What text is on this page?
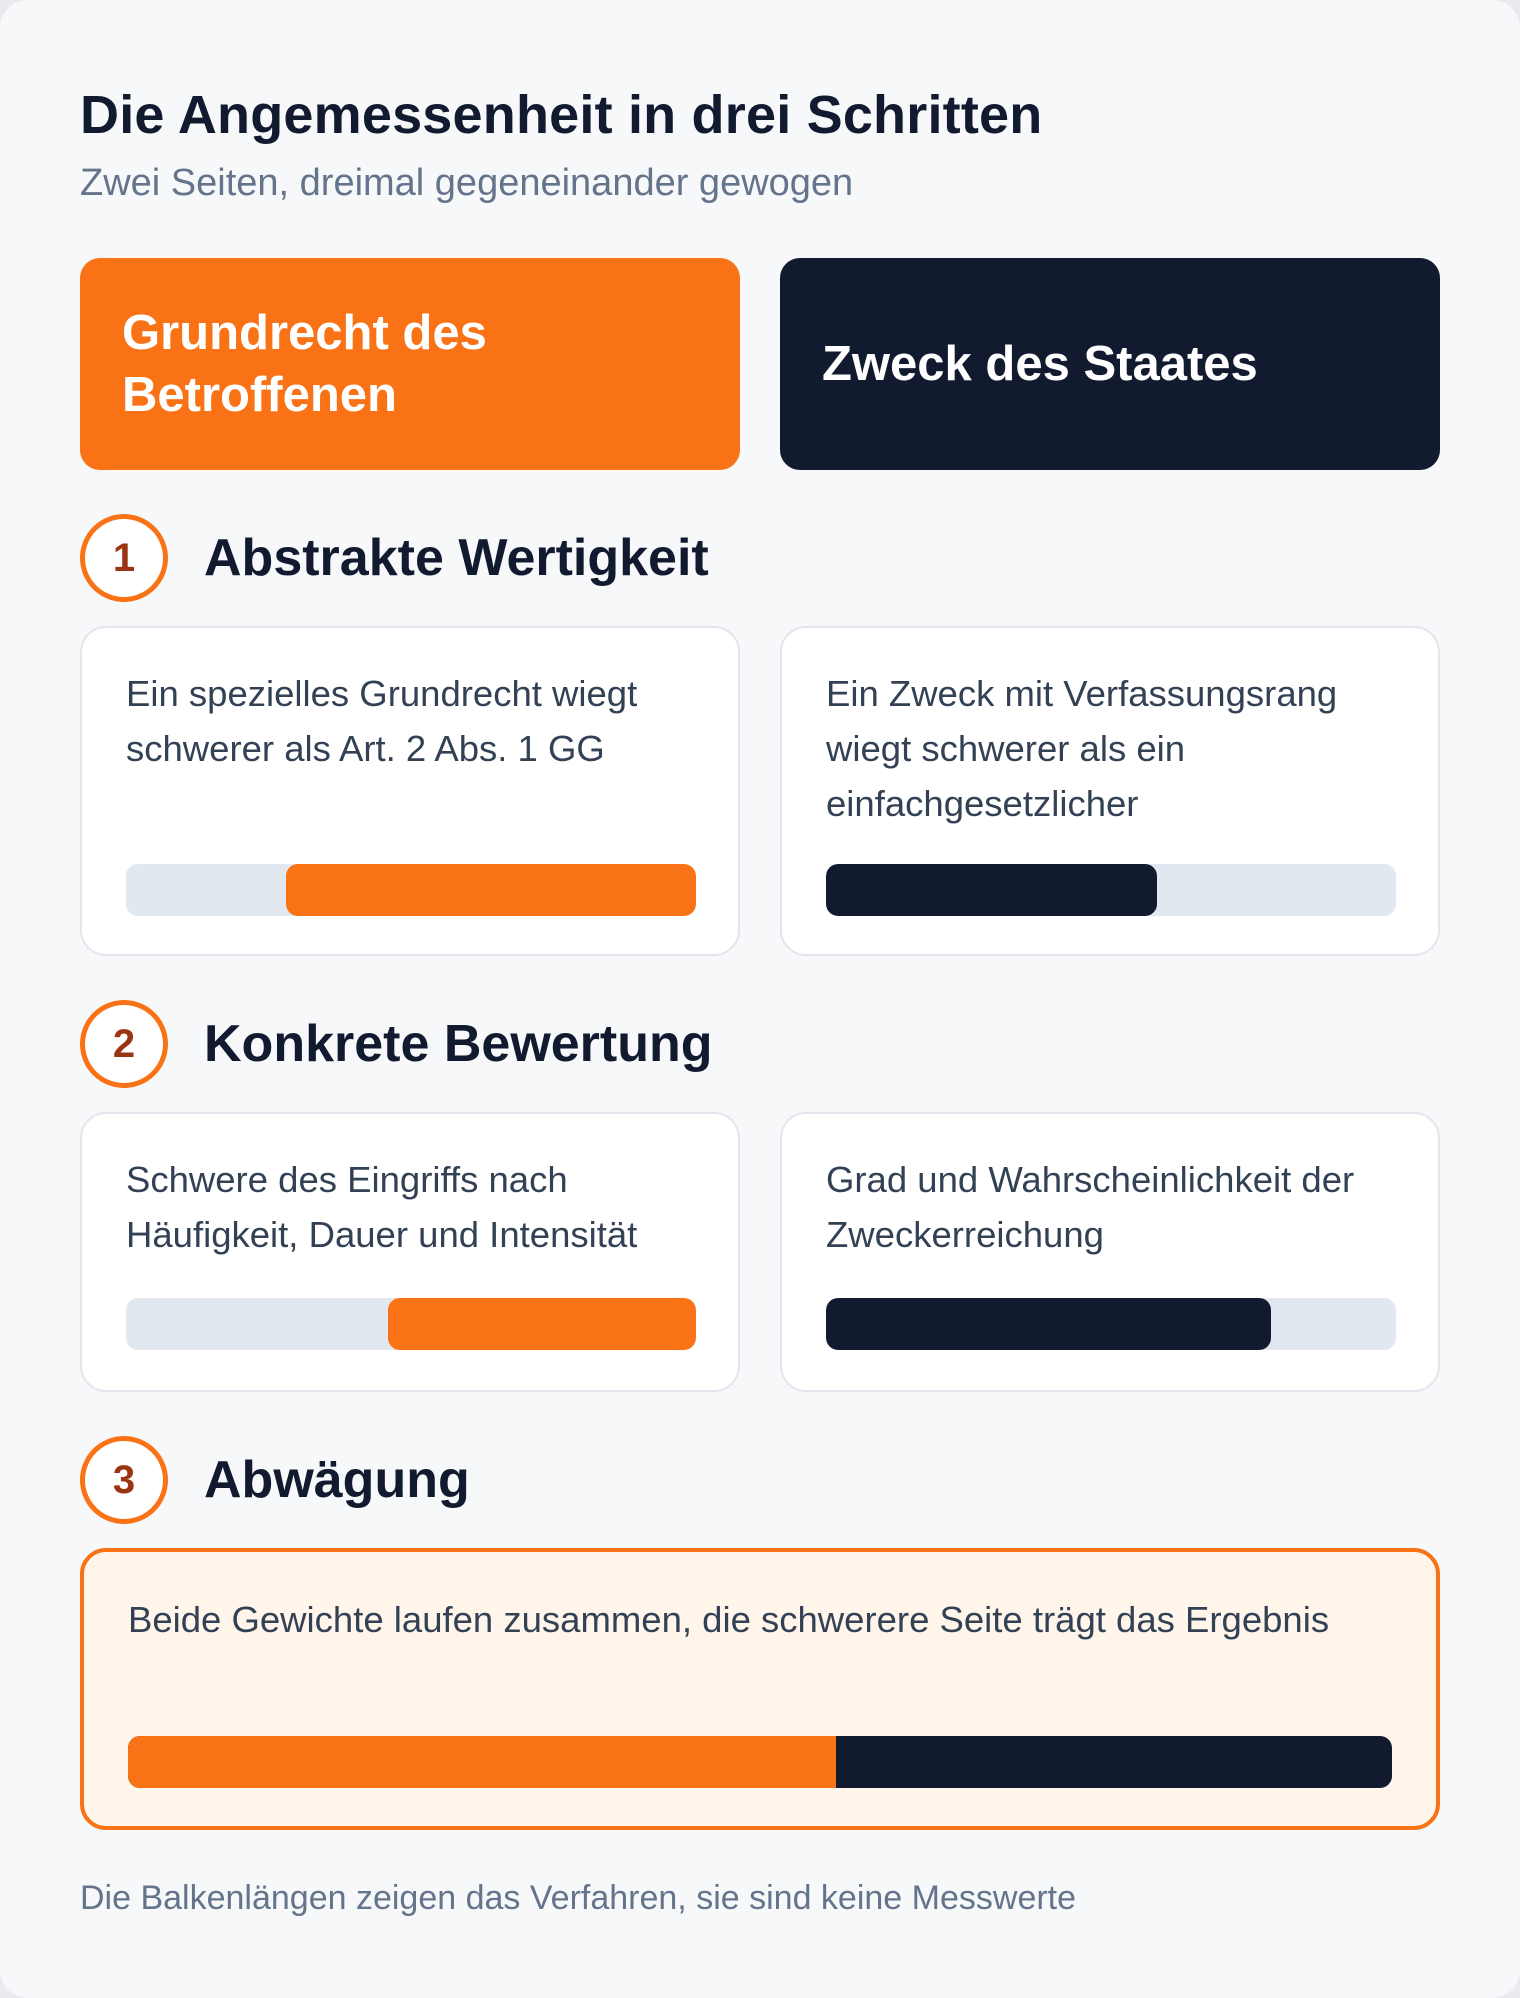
Die Angemessenheit in drei Schritten
Zwei Seiten, dreimal gegeneinander gewogen
Grundrecht des Betroffenen
Zweck des Staates
1	Abstrakte Wertigkeit
Ein spezielles Grundrecht wiegt schwerer als Art. 2 Abs. 1 GG
Ein Zweck mit Verfassungsrang wiegt schwerer als ein einfachgesetzlicher
2	Konkrete Bewertung
Schwere des Eingriffs nach Häufigkeit, Dauer und Intensität
Grad und Wahrscheinlichkeit der Zweckerreichung
3	Abwägung
Beide Gewichte laufen zusammen, die schwerere Seite trägt das Ergebnis
Die Balkenlängen zeigen das Verfahren, sie sind keine Messwerte
